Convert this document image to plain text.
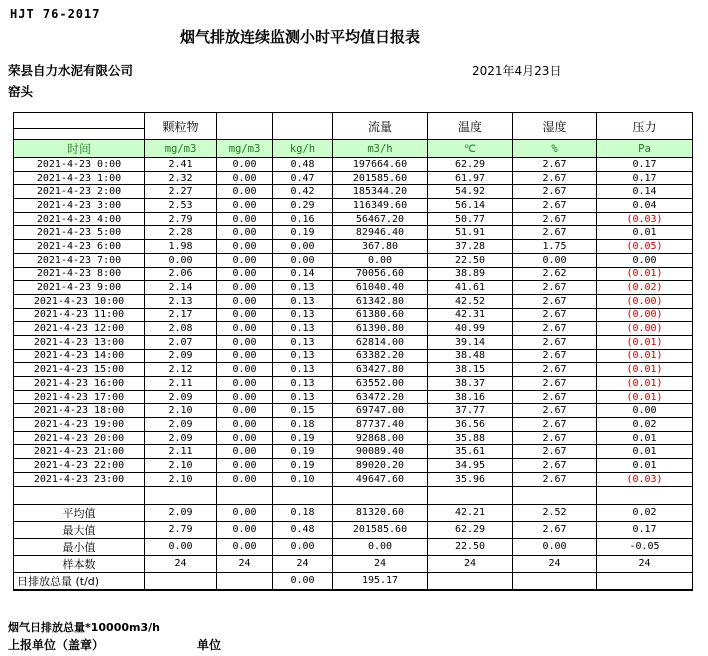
HJT 76-2017
烟气排放连续监测小时平均值日报表
荣县自力水泥有限公司	2021年4月23日
窑头
	颗粒物			流量	温度	湿度	压力

时间	mg/m3	mg/m3	kg/h	m3/h	℃	%	Pa
2021-4-23 0:00	2.41	0.00	0.48	197664.60	62.29	2.67	0.17
2021-4-23 1:00	2.32	0.00	0.47	201585.60	61.97	2.67	0.17
2021-4-23 2:00	2.27	0.00	0.42	185344.20	54.92	2.67	0.14
2021-4-23 3:00	2.53	0.00	0.29	116349.60	56.14	2.67	0.04
2021-4-23 4:00	2.79	0.00	0.16	56467.20	50.77	2.67	(0.03)
2021-4-23 5:00	2.28	0.00	0.19	82946.40	51.91	2.67	0.01
2021-4-23 6:00	1.98	0.00	0.00	367.80	37.28	1.75	(0.05)
2021-4-23 7:00	0.00	0.00	0.00	0.00	22.50	0.00	0.00
2021-4-23 8:00	2.06	0.00	0.14	70056.60	38.89	2.62	(0.01)
2021-4-23 9:00	2.14	0.00	0.13	61040.40	41.61	2.67	(0.02)
2021-4-23 10:00	2.13	0.00	0.13	61342.80	42.52	2.67	(0.00)
2021-4-23 11:00	2.17	0.00	0.13	61380.60	42.31	2.67	(0.00)
2021-4-23 12:00	2.08	0.00	0.13	61390.80	40.99	2.67	(0.00)
2021-4-23 13:00	2.07	0.00	0.13	62814.00	39.14	2.67	(0.01)
2021-4-23 14:00	2.09	0.00	0.13	63382.20	38.48	2.67	(0.01)
2021-4-23 15:00	2.12	0.00	0.13	63427.80	38.15	2.67	(0.01)
2021-4-23 16:00	2.11	0.00	0.13	63552.00	38.37	2.67	(0.01)
2021-4-23 17:00	2.09	0.00	0.13	63472.20	38.16	2.67	(0.01)
2021-4-23 18:00	2.10	0.00	0.15	69747.00	37.77	2.67	0.00
2021-4-23 19:00	2.09	0.00	0.18	87737.40	36.56	2.67	0.02
2021-4-23 20:00	2.09	0.00	0.19	92868.00	35.88	2.67	0.01
2021-4-23 21:00	2.11	0.00	0.19	90089.40	35.61	2.67	0.01
2021-4-23 22:00	2.10	0.00	0.19	89020.20	34.95	2.67	0.01
2021-4-23 23:00	2.10	0.00	0.10	49647.60	35.96	2.67	(0.03)

平均值	2.09	0.00	0.18	81320.60	42.21	2.52	0.02
最大值	2.79	0.00	0.48	201585.60	62.29	2.67	0.17
最小值	0.00	0.00	0.00	0.00	22.50	0.00	-0.05
样本数	24	24	24	24	24	24	24
日排放总量 (t/d)			0.00	195.17			
烟气日排放总量*10000m3/h
上报单位（盖章）	单位
